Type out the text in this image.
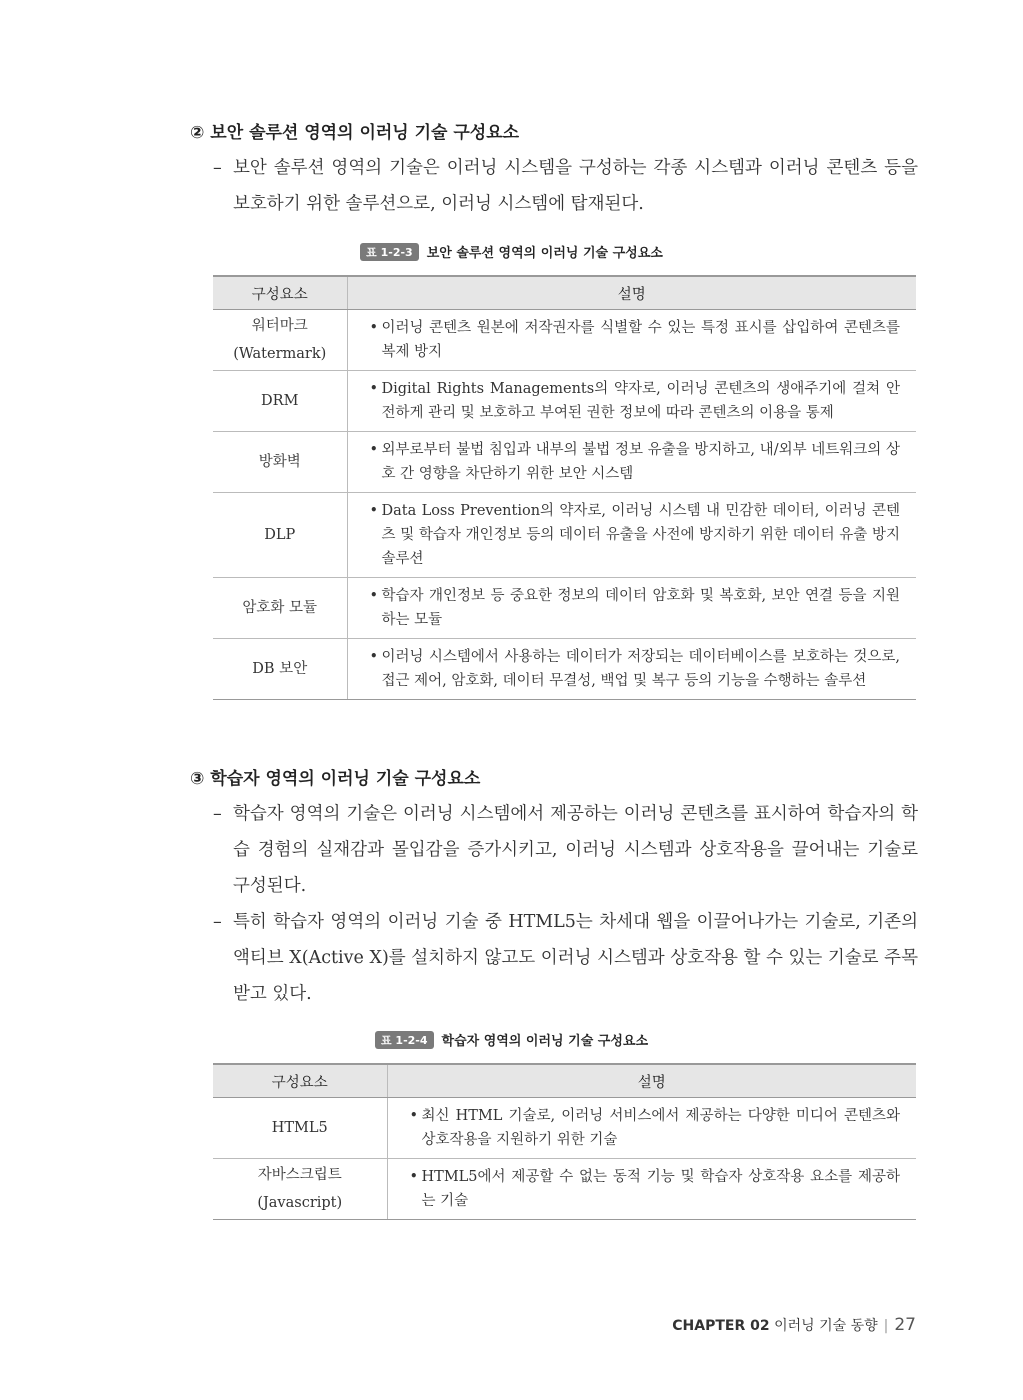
② 보안 솔루션 영역의 이러닝 기술 구성요소
– 보안 솔루션 영역의 기술은 이러닝 시스템을 구성하는 각종 시스템과 이러닝 콘텐츠 등을 보호하기 위한 솔루션으로, 이러닝 시스템에 탑재된다.
표 1-2-3 보안 솔루션 영역의 이러닝 기술 구성요소
구성요소	설명
워터마크
(Watermark)	• 이러닝 콘텐츠 원본에 저작권자를 식별할 수 있는 특정 표시를 삽입하여 콘텐츠를 복제 방지

DRM	• Digital Rights Managements의 약자로, 이러닝 콘텐츠의 생애주기에 걸쳐 안전하게 관리 및 보호하고 부여된 권한 정보에 따라 콘텐츠의 이용을 통제

방화벽	• 외부로부터 불법 침입과 내부의 불법 정보 유출을 방지하고, 내/외부 네트워크의 상호 간 영향을 차단하기 위한 보안 시스템

DLP	• Data Loss Prevention의 약자로, 이러닝 시스템 내 민감한 데이터, 이러닝 콘텐츠 및 학습자 개인정보 등의 데이터 유출을 사전에 방지하기 위한 데이터 유출 방지 솔루션

암호화 모듈	• 학습자 개인정보 등 중요한 정보의 데이터 암호화 및 복호화, 보안 연결 등을 지원하는 모듈

DB 보안	• 이러닝 시스템에서 사용하는 데이터가 저장되는 데이터베이스를 보호하는 것으로, 접근 제어, 암호화, 데이터 무결성, 백업 및 복구 등의 기능을 수행하는 솔루션
③ 학습자 영역의 이러닝 기술 구성요소
– 학습자 영역의 기술은 이러닝 시스템에서 제공하는 이러닝 콘텐츠를 표시하여 학습자의 학습 경험의 실재감과 몰입감을 증가시키고, 이러닝 시스템과 상호작용을 끌어내는 기술로 구성된다.
– 특히 학습자 영역의 이러닝 기술 중 HTML5는 차세대 웹을 이끌어나가는 기술로, 기존의 액티브 X(Active X)를 설치하지 않고도 이러닝 시스템과 상호작용 할 수 있는 기술로 주목받고 있다.
표 1-2-4 학습자 영역의 이러닝 기술 구성요소
구성요소	설명
HTML5	• 최신 HTML 기술로, 이러닝 서비스에서 제공하는 다양한 미디어 콘텐츠와 상호작용을 지원하기 위한 기술

자바스크립트
(Javascript)	• HTML5에서 제공할 수 없는 동적 기능 및 학습자 상호작용 요소를 제공하는 기술
CHAPTER 02 이러닝 기술 동향 | 27
